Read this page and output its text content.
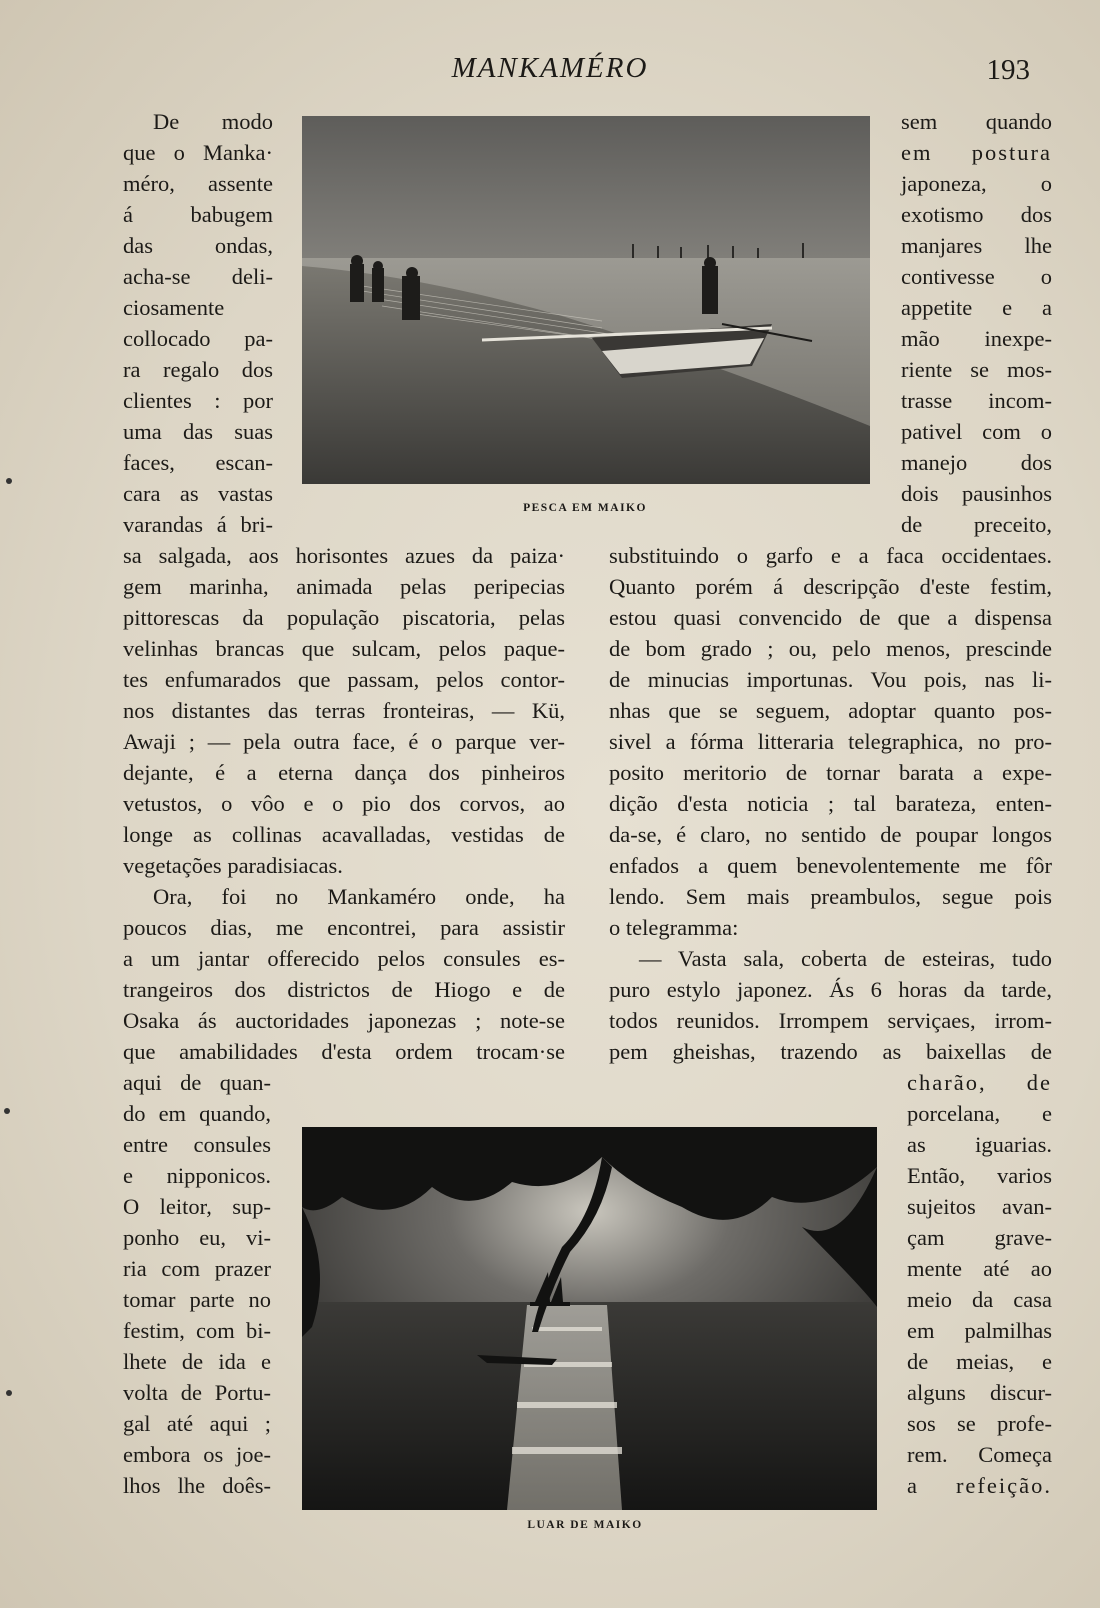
MANKAMÉRO	193
De modo
que o Manka·
méro, assente
á babugem
das ondas,
acha-se deli-
ciosamente
collocado pa-
ra regalo dos
clientes : por
uma das suas
faces, escan-
cara as vastas
varandas á bri-
PESCA EM MAIKO
sem quando
em postura
japoneza, o
exotismo dos
manjares lhe
contivesse o
appetite e a
mão inexpe-
riente se mos-
trasse incom-
pativel com o
manejo dos
dois pausinhos
de preceito,
sa salgada, aos horisontes azues da paiza·
gem marinha, animada pelas peripecias
pittorescas da população piscatoria, pelas
velinhas brancas que sulcam, pelos paque-
tes enfumarados que passam, pelos contor-
nos distantes das terras fronteiras, — Kü,
Awaji ; — pela outra face, é o parque ver-
dejante, é a eterna dança dos pinheiros
vetustos, o vôo e o pio dos corvos, ao
longe as collinas acavalladas, vestidas de
vegetações paradisiacas.
Ora, foi no Mankaméro onde, ha
poucos dias, me encontrei, para assistir
a um jantar offerecido pelos consules es-
trangeiros dos districtos de Hiogo e de
Osaka ás auctoridades japonezas ; note-se
que amabilidades d'esta ordem trocam·se
substituindo o garfo e a faca occidentaes.
Quanto porém á descripção d'este festim,
estou quasi convencido de que a dispensa
de bom grado ; ou, pelo menos, prescinde
de minucias importunas. Vou pois, nas li-
nhas que se seguem, adoptar quanto pos-
sivel a fórma litteraria telegraphica, no pro-
posito meritorio de tornar barata a expe-
dição d'esta noticia ; tal barateza, enten-
da-se, é claro, no sentido de poupar longos
enfados a quem benevolentemente me fôr
lendo. Sem mais preambulos, segue pois
o telegramma:
— Vasta sala, coberta de esteiras, tudo
puro estylo japonez. Ás 6 horas da tarde,
todos reunidos. Irrompem serviçaes, irrom-
pem gheishas, trazendo as baixellas de
aqui de quan-
do em quando,
entre consules
e nipponicos.
O leitor, sup-
ponho eu, vi-
ria com prazer
tomar parte no
festim, com bi-
lhete de ida e
volta de Portu-
gal até aqui ;
embora os joe-
lhos lhe doês-
LUAR DE MAIKO
charão, de
porcelana, e
as iguarias.
Então, varios
sujeitos avan-
çam grave-
mente até ao
meio da casa
em palmilhas
de meias, e
alguns discur-
sos se profe-
rem. Começa
a refeição.
